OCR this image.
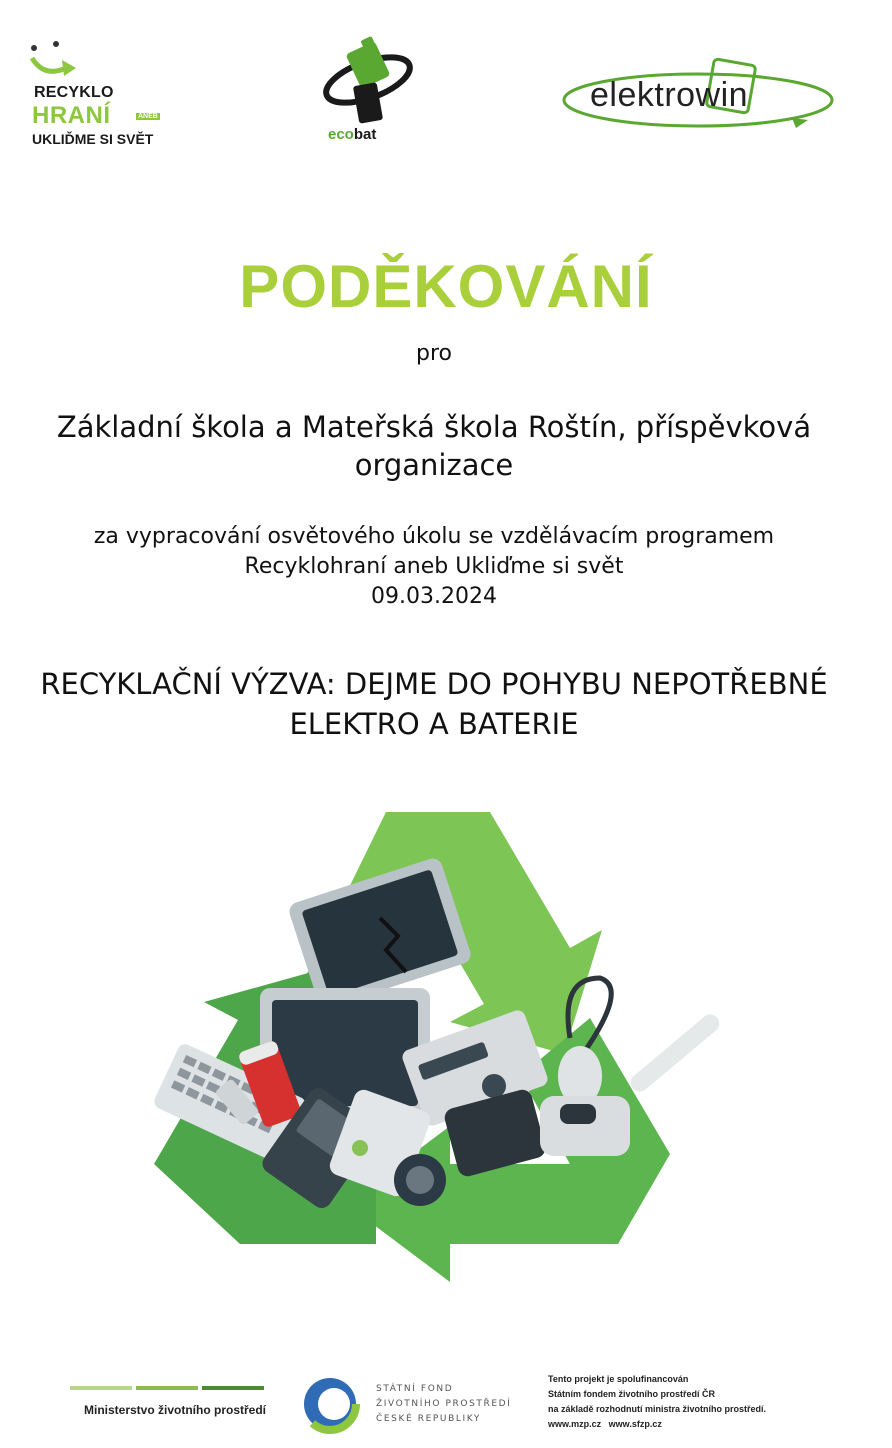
RECYKLO
HRANÍ	ANEB
UKLIĎME SI SVĚT	ecobat
elektrowin
PODĚKOVÁNÍ
pro
Základní škola a Mateřská škola Roštín, příspěvková organizace
za vypracování osvětového úkolu se vzdělávacím programem
Recyklohraní aneb Ukliďme si svět
09.03.2024
RECYKLAČNÍ VÝZVA: DEJME DO POHYBU NEPOTŘEBNÉ ELEKTRO A BATERIE
Ministerstvo životního prostředí
STÁTNÍ FOND
ŽIVOTNÍHO PROSTŘEDÍ
ČESKÉ REPUBLIKY
Tento projekt je spolufinancován
Státním fondem životního prostředí ČR
na základě rozhodnutí ministra životního prostředí.
www.mzp.cz   www.sfzp.cz
